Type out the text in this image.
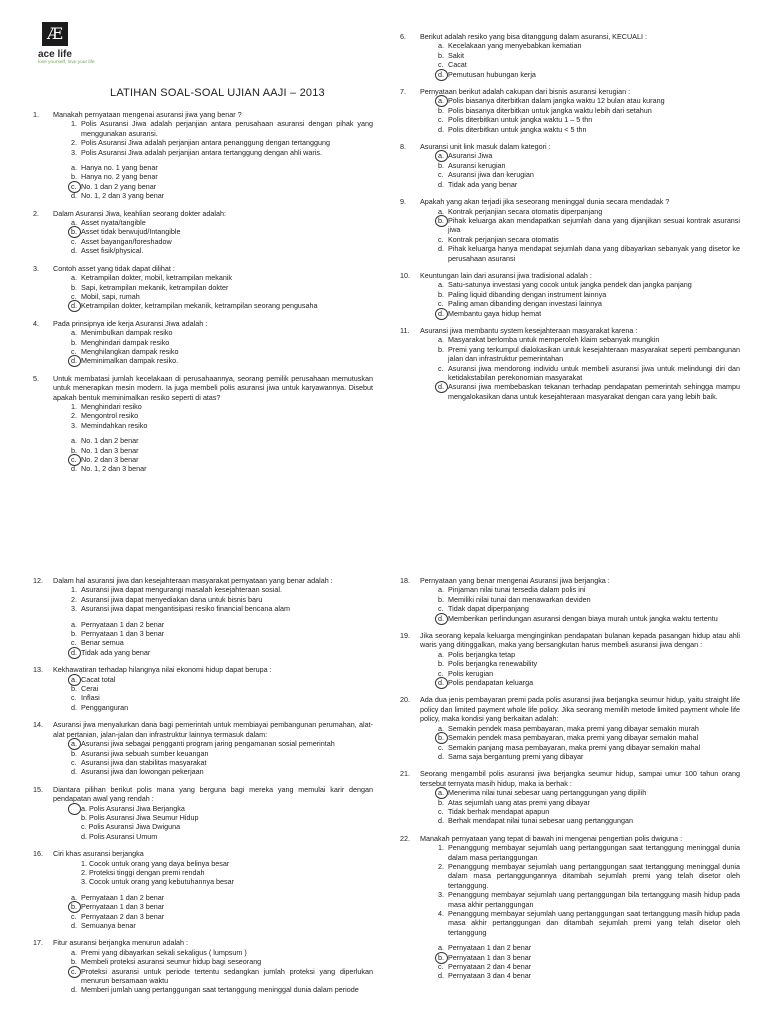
Æ
ace life
love yourself, love your life
LATIHAN SOAL-SOAL UJIAN AAJI – 2013
1.	Manakah pernyataan mengenai asuransi jiwa yang benar ?
1. Polis Asuransi Jiwa adalah perjanjian antara perusahaan asuransi dengan pihak yang menggunakan asuransi.
2. Polis Asuransi Jiwa adalah perjanjian antara penanggung dengan tertanggung
3. Polis Asuransi Jiwa adalah perjanjian antara tertanggung dengan ahli waris.
a. Hanya no. 1 yang benar
b. Hanya no. 2 yang benar
c. No. 1 dan 2 yang benar
d. No. 1, 2 dan 3 yang benar
2.	Dalam Asuransi Jiwa, keahlian seorang dokter adalah:
a. Asset nyata/tangible
b. Asset tidak berwujud/Intangible
c. Asset bayangan/foreshadow
d. Asset fisik/physical.
3.	Contoh asset yang tidak dapat dilihat :
a. Ketrampilan dokter, mobil, ketrampilan mekanik
b. Sapi, ketrampilan mekanik, ketrampilan dokter
c. Mobil, sapi, rumah
d. Ketrampilan dokter, ketrampilan mekanik, ketrampilan seorang pengusaha
4.	Pada prinsipnya ide kerja Asuransi Jiwa adalah :
a. Menimbulkan dampak resiko
b. Menghindari dampak resiko
c. Menghilangkan dampak resiko
d. Meminimalkan dampak resiko.
5.	Untuk membatasi jumlah kecelakaan di perusahaannya, seorang pemilik perusahaan memutuskan untuk menerapkan mesin modern. Ia juga membeli polis asuransi jiwa untuk karyawannya. Disebut apakah bentuk meminimalkan resiko seperti di atas?
1. Menghindari resiko
2. Mengontrol resiko
3. Memindahkan resiko
a. No. 1 dan 2 benar
b. No. 1 dan 3 benar
c. No. 2 dan 3 benar
d. No. 1, 2 dan 3 benar
6.	Berikut adalah resiko yang bisa ditanggung dalam asuransi, KECUALI :
a. Kecelakaan yang menyebabkan kematian
b. Sakit
c. Cacat
d. Pemutusan hubungan kerja
7.	Pernyataan berikut adalah cakupan dari bisnis asuransi kerugian :
a. Polis biasanya diterbitkan dalam jangka waktu 12 bulan atau kurang
b. Polis biasanya diterbitkan untuk jangka waktu lebih dari setahun
c. Polis diterbitkan untuk jangka waktu 1 – 5 thn
d. Polis diterbitkan untuk jangka waktu < 5 thn
8.	Asuransi unit link masuk dalam kategori :
a. Asuransi Jiwa
b. Asuransi kerugian
c. Asuransi jiwa dan kerugian
d. Tidak ada yang benar
9.	Apakah yang akan terjadi jika seseorang meninggal dunia secara mendadak ?
a. Kontrak perjanjian secara otomatis diperpanjang
b. Pihak keluarga akan mendapatkan sejumlah dana yang dijanjikan sesuai kontrak asuransi jiwa
c. Kontrak perjanjian secara otomatis
d. Pihak keluarga hanya mendapat sejumlah dana yang dibayarkan sebanyak yang disetor ke perusahaan asuransi
10.	Keuntungan lain dari asuransi jiwa tradisional adalah :
a. Satu-satunya investasi yang cocok untuk jangka pendek dan jangka panjang
b. Paling liquid dibanding dengan instrument lainnya
c. Paling aman dibanding dengan investasi lainnya
d. Membantu gaya hidup hemat
11.	Asuransi jiwa membantu system kesejahteraan masyarakat karena :
a. Masyarakat berlomba untuk memperoleh klaim sebanyak mungkin
b. Premi yang terkumpul dialokasikan untuk kesejahteraan masyarakat seperti pembangunan jalan dan infrastruktur pemerintahan
c. Asuransi jiwa mendorong individu untuk membeli asuransi jiwa untuk melindungi diri dan ketidakstabilan perekonomian masyarakat
d. Asuransi jiwa membebaskan tekanan terhadap pendapatan pemerintah sehingga mampu mengalokasikan dana untuk kesejahteraan masyarakat dengan cara yang lebih baik.
12.	Dalam hal asuransi jiwa dan kesejahteraan masyarakat pernyataan yang benar adalah :
1. Asuransi jiwa dapat mengurangi masalah kesejahteraan sosial.
2. Asuransi jiwa dapat menyediakan dana untuk bisnis baru
3. Asuransi jiwa dapat mengantisipasi resiko financial bencana alam
a. Pernyataan 1 dan 2 benar
b. Pernyataan 1 dan 3 benar
c. Benar semua
d. Tidak ada yang benar
13.	Kekhawatiran terhadap hilangnya nilai ekonomi hidup dapat berupa :
a. Cacat total
b. Cerai
c. Inflasi
d. Pengganguran
14.	Asuransi jiwa menyalurkan dana bagi pemerintah untuk membiayai pembangunan perumahan, alat-alat pertanian, jalan-jalan dan infrastruktur lainnya termasuk dalam:
a. Asuransi jiwa sebagai pengganti program jaring pengamanan sosial pemerintah
b. Asuransi jiwa sebuah sumber keuangan
c. Asuransi jiwa dan stabilitas masyarakat
d. Asuransi jiwa dan lowongan pekerjaan
15.	Diantara pilihan berikut polis mana yang berguna bagi mereka yang memulai karir dengan pendapatan awal yang rendah :
a. Polis Asuransi Jiwa Berjangka
b. Polis Asuransi Jiwa Seumur Hidup
c. Polis Asuransi Jiwa Dwiguna
d. Polis Asuransi Umum
16.	Ciri khas asuransi berjangka
1. Cocok untuk orang yang daya belinya besar
2. Proteksi tinggi dengan premi rendah
3. Cocok untuk orang yang kebutuhannya besar
a. Pernyataan 1 dan 2 benar
b. Pernyataan 1 dan 3 benar
c. Pernyataan 2 dan 3 benar
d. Semuanya benar
17.	Fitur asuransi berjangka menurun adalah :
a. Premi yang dibayarkan sekali sekaligus ( lumpsum )
b. Membeli proteksi asuransi seumur hidup bagi seseorang
c. Proteksi asuransi untuk periode tertentu sedangkan jumlah proteksi yang diperlukan menurun bersamaan waktu
d. Memberi jumlah uang pertanggungan saat tertanggung meninggal dunia dalam periode
18.	Pernyataan yang benar mengenai Asuransi jiwa berjangka :
a. Pinjaman nilai tunai tersedia dalam polis ini
b. Memiliki nilai tunai dan menawarkan deviden
c. Tidak dapat diperpanjang
d. Memberikan perlindungan asuransi dengan biaya murah untuk jangka waktu tertentu
19.	Jika seorang kepala keluarga menginginkan pendapatan bulanan kepada pasangan hidup atau ahli waris yang ditinggalkan, maka yang bersangkutan harus membeli asuransi jiwa dengan :
a. Polis berjangka tetap
b. Polis berjangka renewability
c. Polis kerugian
d. Polis pendapatan keluarga
20.	Ada dua jenis pembayaran premi pada polis asuransi jiwa berjangka seumur hidup, yaitu straight life policy dan limited payment whole life policy. Jika seorang memilih metode limited payment whole life policy, maka kondisi yang berkaitan adalah:
a. Semakin pendek masa pembayaran, maka premi yang dibayar semakin murah
b. Semakin pendek masa pembayaran, maka premi yang dibayar semakin mahal
c. Semakin panjang masa pembayaran, maka premi yang dibayar semakin mahal
d. Sama saja bergantung premi yang dibayar
21.	Seorang mengambil polis asuransi jiwa berjangka seumur hidup, sampai umur 100 tahun orang tersebut ternyata masih hidup, maka ia berhak :
a. Menerima nilai tunai sebesar uang pertanggungan yang dipilih
b. Atas sejumlah uang atas premi yang dibayar
c. Tidak berhak mendapat apapun
d. Berhak mendapat nilai tunai sebesar uang pertanggungan
22.	Manakah pernyataan yang tepat di bawah ini mengenai pengertian polis dwiguna :
1. Penanggung membayar sejumlah uang pertanggungan saat tertanggung meninggal dunia dalam masa pertanggungan
2. Penanggung membayar sejumlah uang pertanggungan saat tertanggung meninggal dunia dalam masa pertanggungannya ditambah sejumlah premi yang telah disetor oleh tertanggung.
3. Penanggung membayar sejumlah uang pertanggungan bila tertanggung masih hidup pada masa akhir pertanggungan
4. Penanggung membayar sejumlah uang pertanggungan saat tertanggung masih hidup pada masa akhir pertanggungan dan ditambah sejumlah premi yang telah disetor oleh tertanggung
a. Pernyataan 1 dan 2 benar
b. Pernyataan 1 dan 3 benar
c. Pernyataan 2 dan 4 benar
d. Pernyataan 3 dan 4 benar
